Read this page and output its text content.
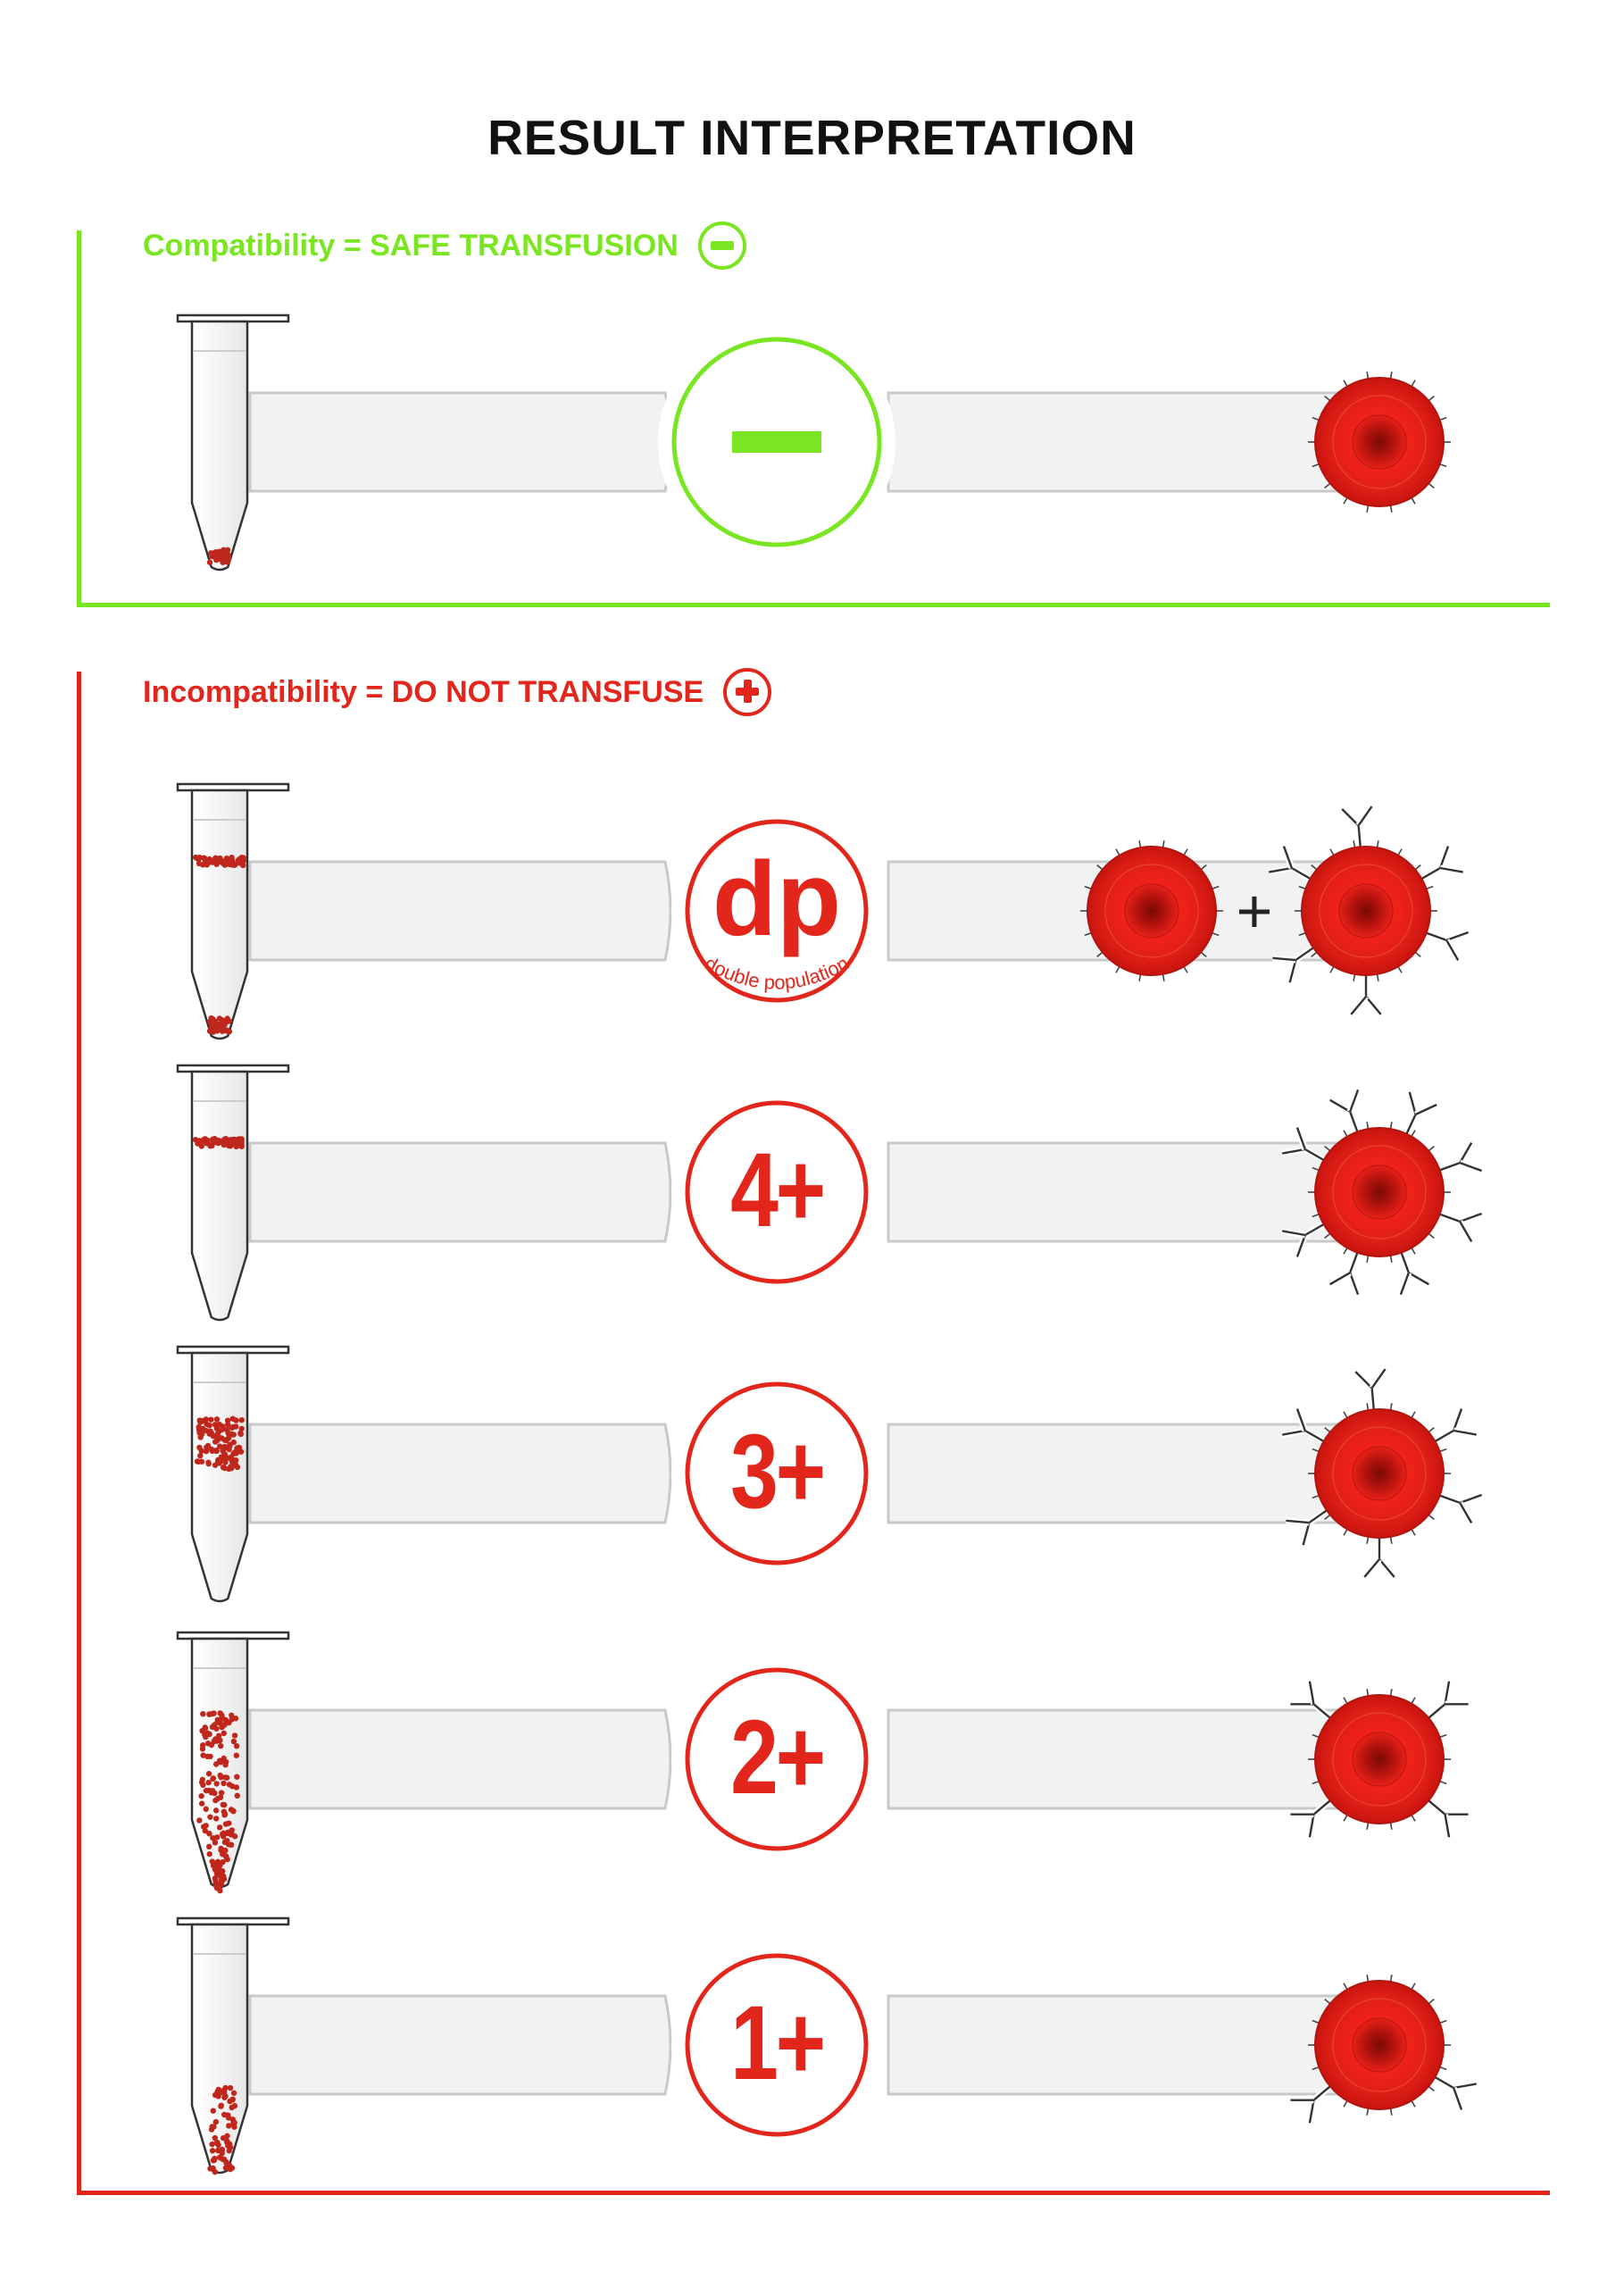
RESULT INTERPRETATION
Compatibility = SAFE TRANSFUSION
Incompatibility = DO NOT TRANSFUSE
double population
+
dp
4+
3+
2+
1+
